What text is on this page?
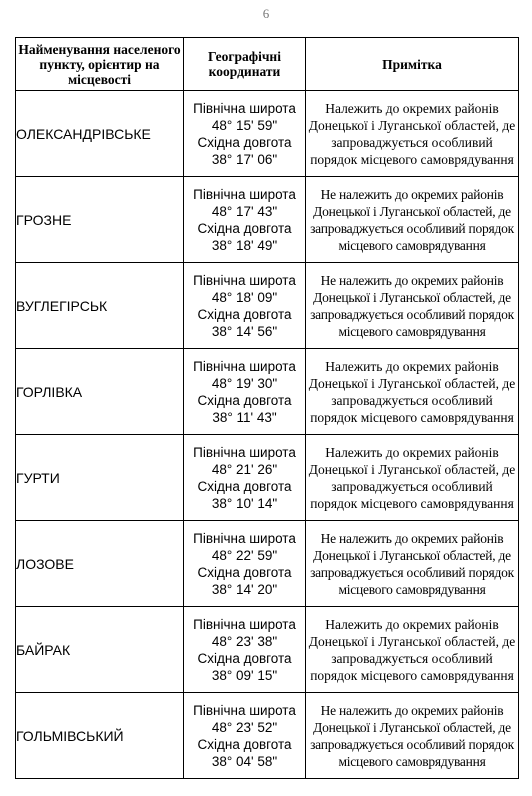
6
Найменування населеного пункту, орієнтир на місцевості	Географічні координати	Примітка
ОЛЕКСАНДРІВСЬКЕ	Північна широта
48° 15' 59"
Східна довгота
38° 17' 06"	Належить до окремих районів Донецької і Луганської областей, де запроваджується особливий порядок місцевого самоврядування
ГРОЗНЕ	Північна широта
48° 17' 43"
Східна довгота
38° 18' 49"	Не належить до окремих районів Донецької і Луганської областей, де запроваджується особливий порядок місцевого самоврядування
ВУГЛЕГІРСЬК	Північна широта
48° 18' 09"
Східна довгота
38° 14' 56"	Не належить до окремих районів Донецької і Луганської областей, де запроваджується особливий порядок місцевого самоврядування
ГОРЛІВКА	Північна широта
48° 19' 30"
Східна довгота
38° 11' 43"	Належить до окремих районів Донецької і Луганської областей, де запроваджується особливий порядок місцевого самоврядування
ГУРТИ	Північна широта
48° 21' 26"
Східна довгота
38° 10' 14"	Належить до окремих районів Донецької і Луганської областей, де запроваджується особливий порядок місцевого самоврядування
ЛОЗОВЕ	Північна широта
48° 22' 59"
Східна довгота
38° 14' 20"	Не належить до окремих районів Донецької і Луганської областей, де запроваджується особливий порядок місцевого самоврядування
БАЙРАК	Північна широта
48° 23' 38"
Східна довгота
38° 09' 15"	Належить до окремих районів Донецької і Луганської областей, де запроваджується особливий порядок місцевого самоврядування
ГОЛЬМІВСЬКИЙ	Північна широта
48° 23' 52"
Східна довгота
38° 04' 58"	Не належить до окремих районів Донецької і Луганської областей, де запроваджується особливий порядок місцевого самоврядування
